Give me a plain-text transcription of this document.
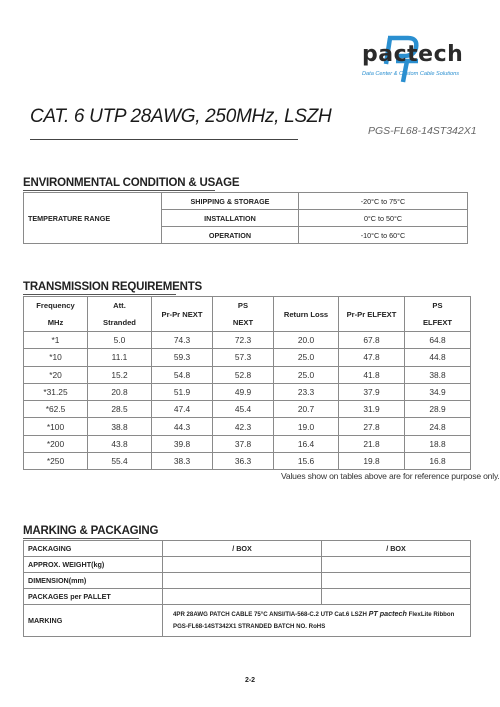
pactech
Data Center & Custom Cable Solutions
CAT. 6 UTP 28AWG, 250MHz, LSZH
PGS-FL68-14ST342X1
ENVIRONMENTAL CONDITION & USAGE
TEMPERATURE RANGE	SHIPPING & STORAGE	-20°C to 75°C
	INSTALLATION	0°C to 50°C
	OPERATION	-10°C to 60°C
TRANSMISSION REQUIREMENTS
Frequency	Att.	Pr-Pr NEXT	PS	Return Loss	Pr-Pr ELFEXT	PS
MHz	Stranded		NEXT			ELFEXT
*1	5.0	74.3	72.3	20.0	67.8	64.8
*10	11.1	59.3	57.3	25.0	47.8	44.8
*20	15.2	54.8	52.8	25.0	41.8	38.8
*31.25	20.8	51.9	49.9	23.3	37.9	34.9
*62.5	28.5	47.4	45.4	20.7	31.9	28.9
*100	38.8	44.3	42.3	19.0	27.8	24.8
*200	43.8	39.8	37.8	16.4	21.8	18.8
*250	55.4	38.3	36.3	15.6	19.8	16.8
Values show on tables above are for reference purpose only.
MARKING & PACKAGING
PACKAGING	/ BOX	/ BOX
APPROX. WEIGHT(kg)		
DIMENSION(mm)		
PACKAGES per PALLET		
MARKING	4PR 28AWG PATCH CABLE 75°C ANSI/TIA-568-C.2 UTP Cat.6 LSZH PT pactech FlexLite Ribbon
PGS-FL68-14ST342X1 STRANDED BATCH NO. RoHS	
2-2
